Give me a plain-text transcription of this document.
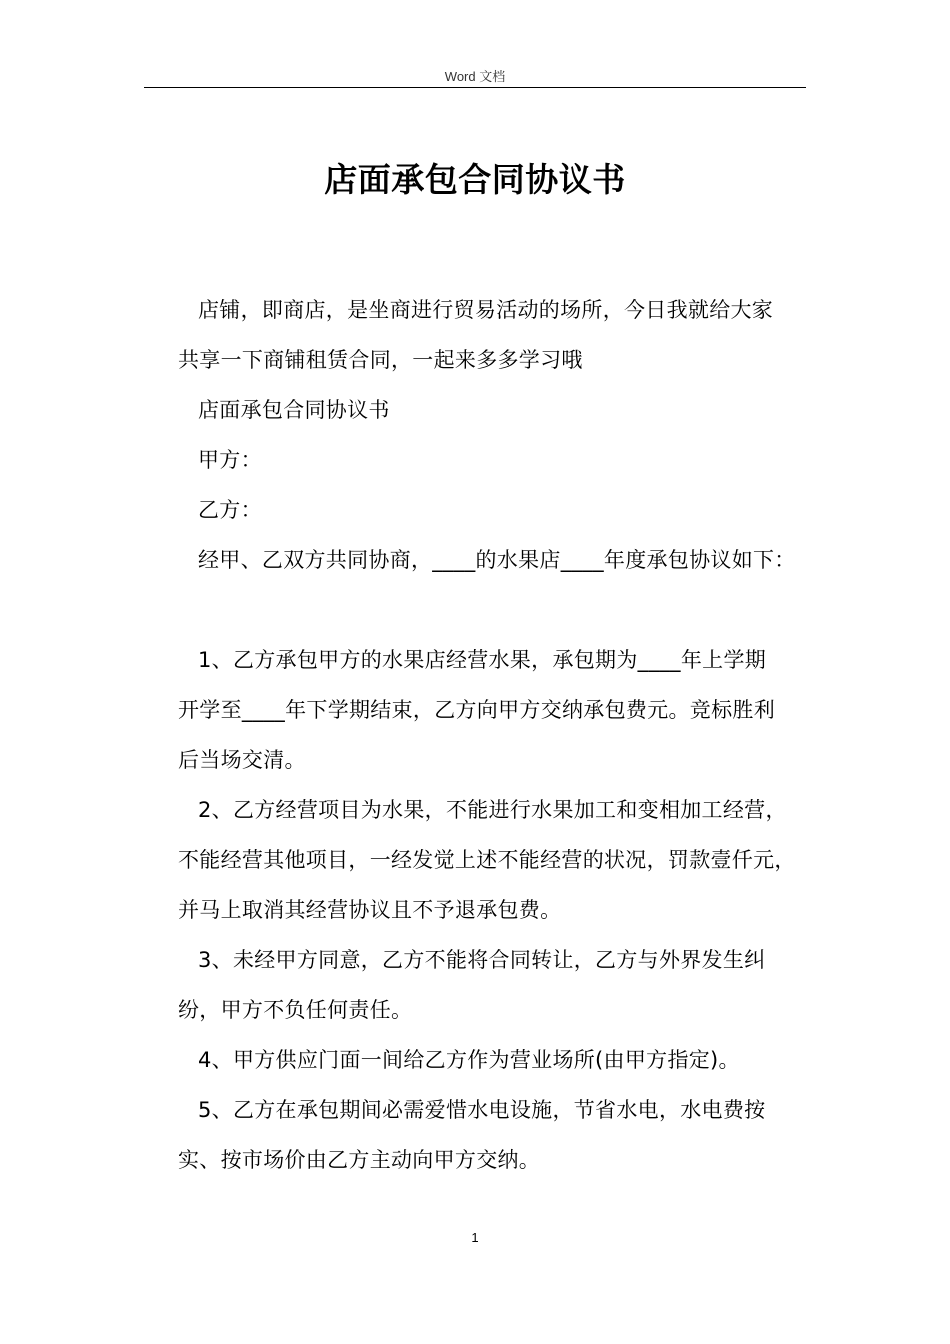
Word 文档
店面承包合同协议书
店铺，即商店，是坐商进行贸易活动的场所，今日我就给大家
共享一下商铺租赁合同，一起来多多学习哦
店面承包合同协议书
甲方：
乙方：
经甲、乙双方共同协商，____的水果店____年度承包协议如下：
1、乙方承包甲方的水果店经营水果，承包期为____年上学期
开学至____年下学期结束，乙方向甲方交纳承包费元。竞标胜利
后当场交清。
2、乙方经营项目为水果，不能进行水果加工和变相加工经营，
不能经营其他项目，一经发觉上述不能经营的状况，罚款壹仟元，
并马上取消其经营协议且不予退承包费。
3、未经甲方同意，乙方不能将合同转让，乙方与外界发生纠
纷，甲方不负任何责任。
4、甲方供应门面一间给乙方作为营业场所(由甲方指定)。
5、乙方在承包期间必需爱惜水电设施，节省水电，水电费按
实、按市场价由乙方主动向甲方交纳。
1
